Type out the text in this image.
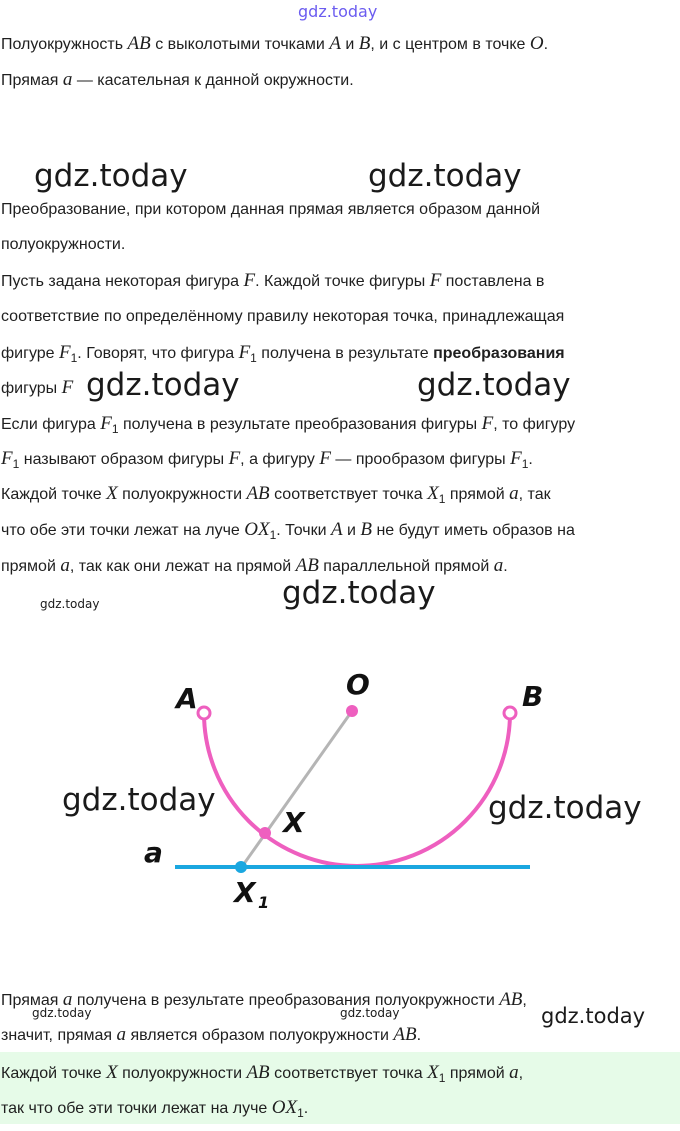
gdz.today

Полуокружность AB с выколотыми точками A и B, и с центром в точке O.

Прямая a — касательная к данной окружности.

gdz.today	gdz.today

Преобразование, при котором данная прямая является образом данной

полуокружности.

Пусть задана некоторая фигура F. Каждой точке фигуры F поставлена в

соответствие по определённому правилу некоторая точка, принадлежащая

фигуре $F_1$. Говорят, что фигура $F_1$ получена в результате преобразования

фигуры F gdz.today	gdz.today

Если фигура $F_1$ получена в результате преобразования фигуры F, то фигуру

$F_1$ называют образом фигуры F, а фигуру F — прообразом фигуры $F_1$.

Каждой точке X полуокружности AB соответствует точка $X_1$ прямой a, так

что обе эти точки лежат на луче $OX_1$. Точки A и B не будут иметь образов на

прямой a, так как они лежат на прямой AB параллельной прямой a.

gdz.today	gdz.today
A	O	B
X
a
X 1
gdz.today	gdz.today

Прямая a получена в результате преобразования полуокружности AB,

значит, прямая a является образом полуокружности AB.

gdz.today	gdz.today	gdz.today

Каждой точке X полуокружности AB соответствует точка $X_1$ прямой a,

так что обе эти точки лежат на луче $OX_1$.
